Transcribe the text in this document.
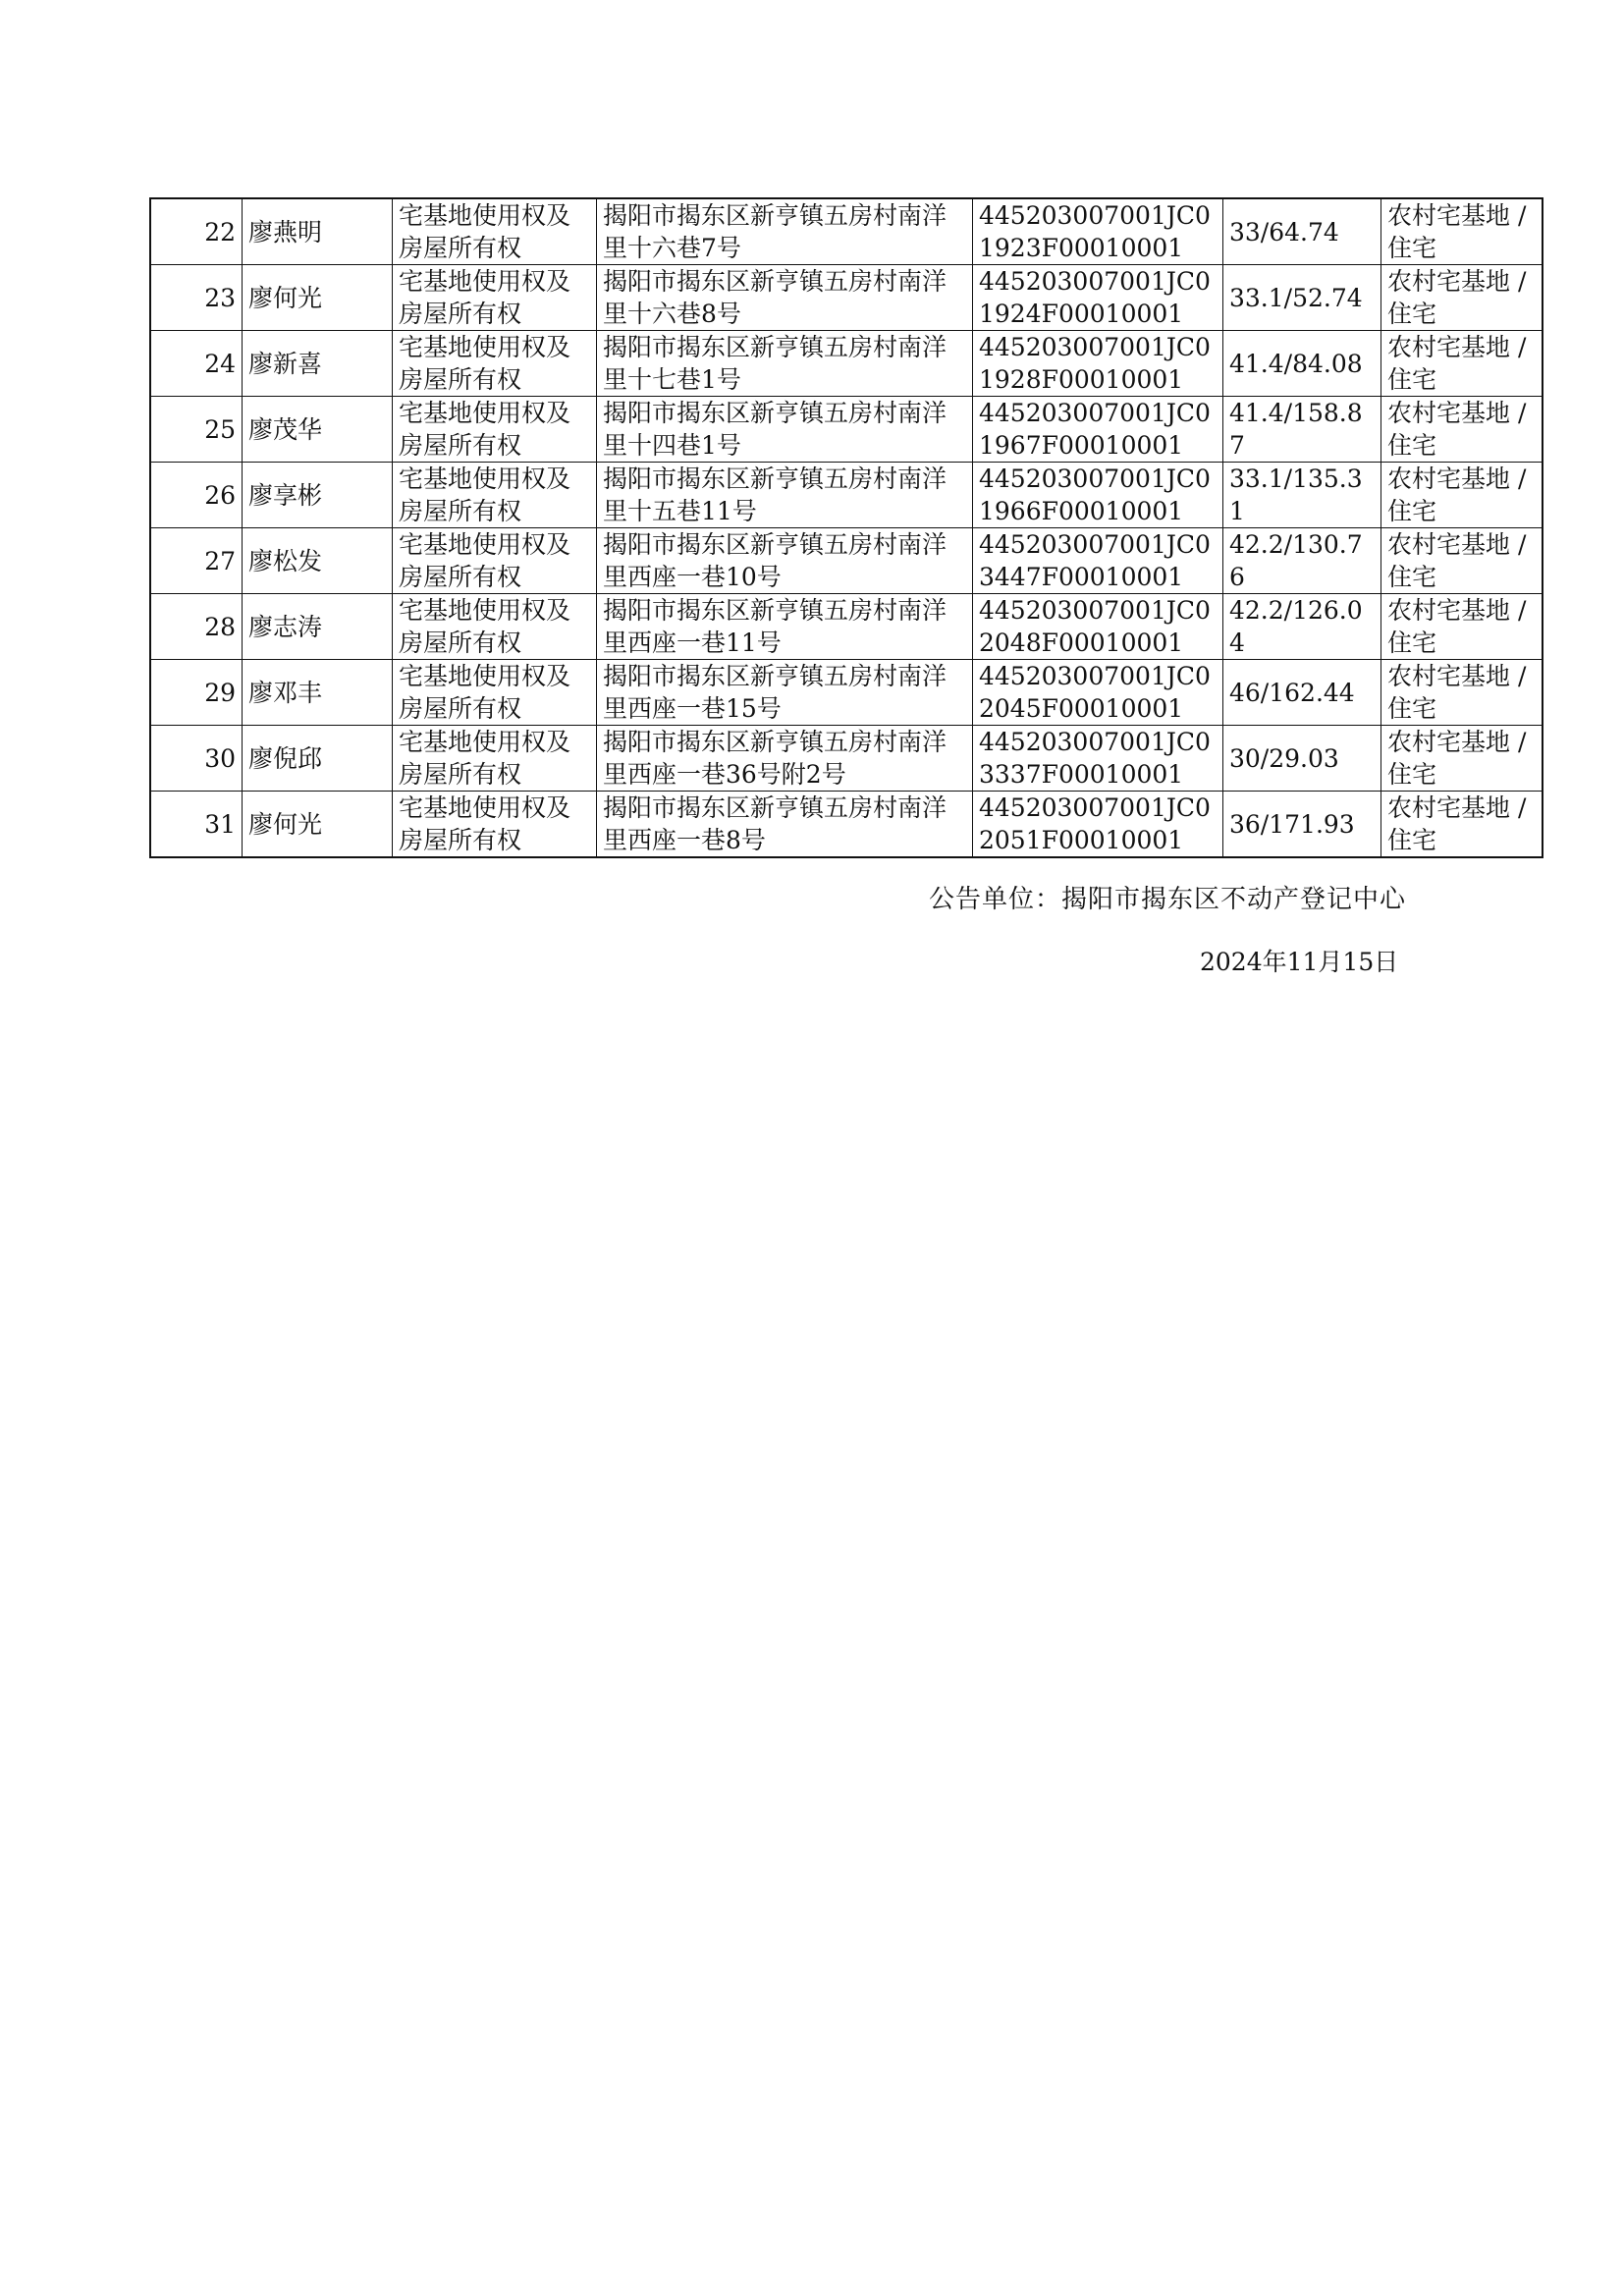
22	廖燕明	宅基地使用权及房屋所有权	揭阳市揭东区新亨镇五房村南洋里十六巷7号	445203007001JC01923F00010001	33/64.74	农村宅基地 / 住宅
23	廖何光	宅基地使用权及房屋所有权	揭阳市揭东区新亨镇五房村南洋里十六巷8号	445203007001JC01924F00010001	33.1/52.74	农村宅基地 / 住宅
24	廖新喜	宅基地使用权及房屋所有权	揭阳市揭东区新亨镇五房村南洋里十七巷1号	445203007001JC01928F00010001	41.4/84.08	农村宅基地 / 住宅
25	廖茂华	宅基地使用权及房屋所有权	揭阳市揭东区新亨镇五房村南洋里十四巷1号	445203007001JC01967F00010001	41.4/158.87	农村宅基地 / 住宅
26	廖享彬	宅基地使用权及房屋所有权	揭阳市揭东区新亨镇五房村南洋里十五巷11号	445203007001JC01966F00010001	33.1/135.31	农村宅基地 / 住宅
27	廖松发	宅基地使用权及房屋所有权	揭阳市揭东区新亨镇五房村南洋里西座一巷10号	445203007001JC03447F00010001	42.2/130.76	农村宅基地 / 住宅
28	廖志涛	宅基地使用权及房屋所有权	揭阳市揭东区新亨镇五房村南洋里西座一巷11号	445203007001JC02048F00010001	42.2/126.04	农村宅基地 / 住宅
29	廖邓丰	宅基地使用权及房屋所有权	揭阳市揭东区新亨镇五房村南洋里西座一巷15号	445203007001JC02045F00010001	46/162.44	农村宅基地 / 住宅
30	廖倪邱	宅基地使用权及房屋所有权	揭阳市揭东区新亨镇五房村南洋里西座一巷36号附2号	445203007001JC03337F00010001	30/29.03	农村宅基地 / 住宅
31	廖何光	宅基地使用权及房屋所有权	揭阳市揭东区新亨镇五房村南洋里西座一巷8号	445203007001JC02051F00010001	36/171.93	农村宅基地 / 住宅
公告单位：揭阳市揭东区不动产登记中心
2024年11月15日
